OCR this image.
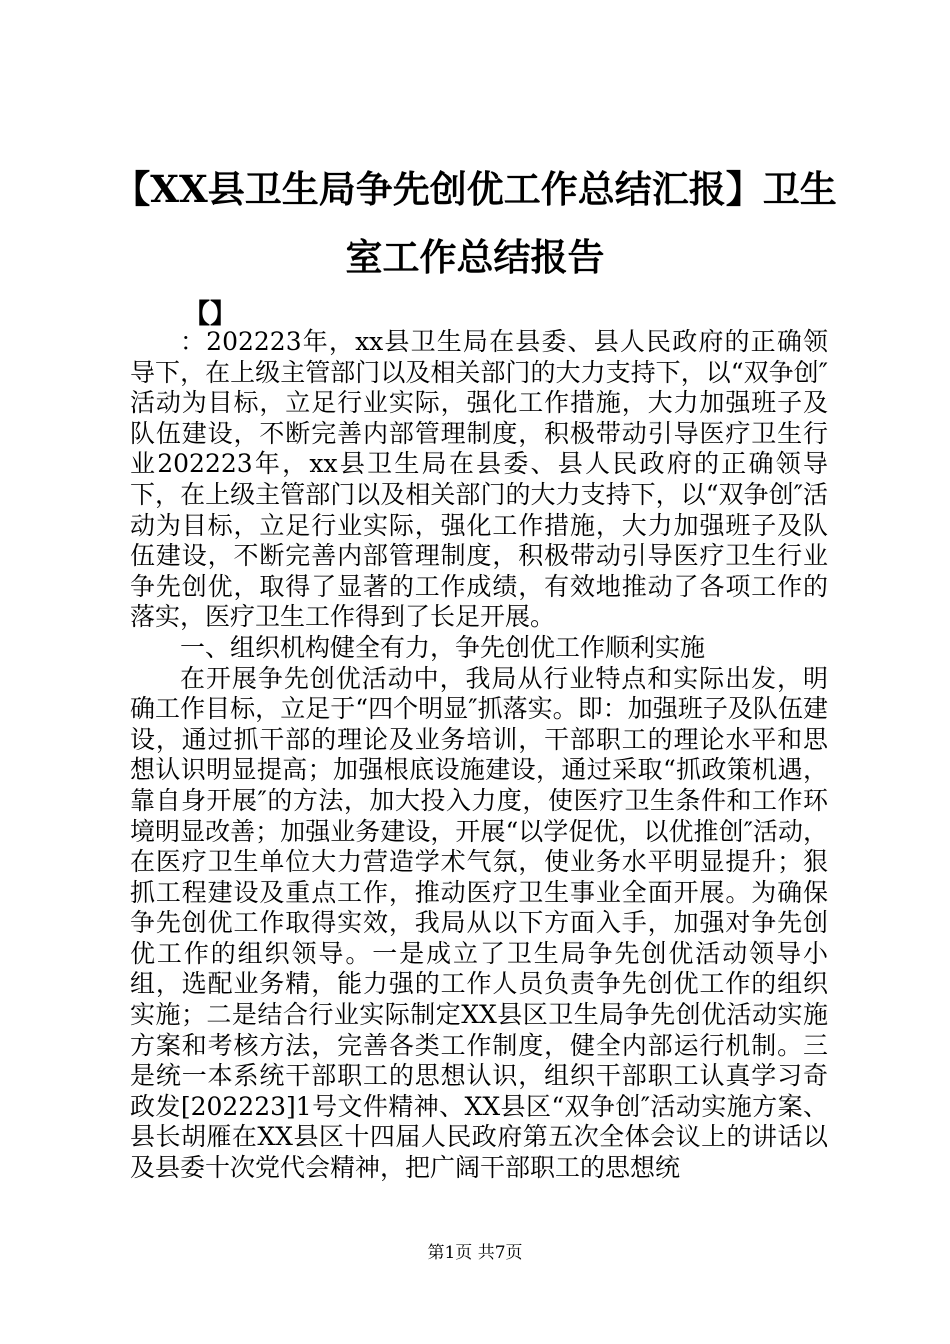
【XX县卫生局争先创优工作总结汇报】卫生室工作总结报告
【】

：202223年，xx县卫生局在县委、县人民政府的正确领导下，在上级主管部门以及相关部门的大力支持下，以“双争创″活动为目标，立足行业实际，强化工作措施，大力加强班子及队伍建设，不断完善内部管理制度，积极带动引导医疗卫生行业202223年，xx县卫生局在县委、县人民政府的正确领导下，在上级主管部门以及相关部门的大力支持下，以“双争创″活动为目标，立足行业实际，强化工作措施，大力加强班子及队伍建设，不断完善内部管理制度，积极带动引导医疗卫生行业争先创优，取得了显著的工作成绩，有效地推动了各项工作的落实，医疗卫生工作得到了长足开展。

一、组织机构健全有力，争先创优工作顺利实施

在开展争先创优活动中，我局从行业特点和实际出发，明确工作目标，立足于“四个明显″抓落实。即：加强班子及队伍建设，通过抓干部的理论及业务培训，干部职工的理论水平和思想认识明显提高；加强根底设施建设，通过采取“抓政策机遇，靠自身开展″的方法，加大投入力度，使医疗卫生条件和工作环境明显改善；加强业务建设，开展“以学促优，以优推创″活动，在医疗卫生单位大力营造学术气氛，使业务水平明显提升；狠抓工程建设及重点工作，推动医疗卫生事业全面开展。为确保争先创优工作取得实效，我局从以下方面入手，加强对争先创优工作的组织领导。一是成立了卫生局争先创优活动领导小组，选配业务精，能力强的工作人员负责争先创优工作的组织实施；二是结合行业实际制定XX县区卫生局争先创优活动实施方案和考核方法，完善各类工作制度，健全内部运行机制。三是统一本系统干部职工的思想认识，组织干部职工认真学习奇政发[202223]1号文件精神、XX县区“双争创″活动实施方案、县长胡雁在XX县区十四届人民政府第五次全体会议上的讲话以及县委十次党代会精神，把广阔干部职工的思想统

第1页 共7页
